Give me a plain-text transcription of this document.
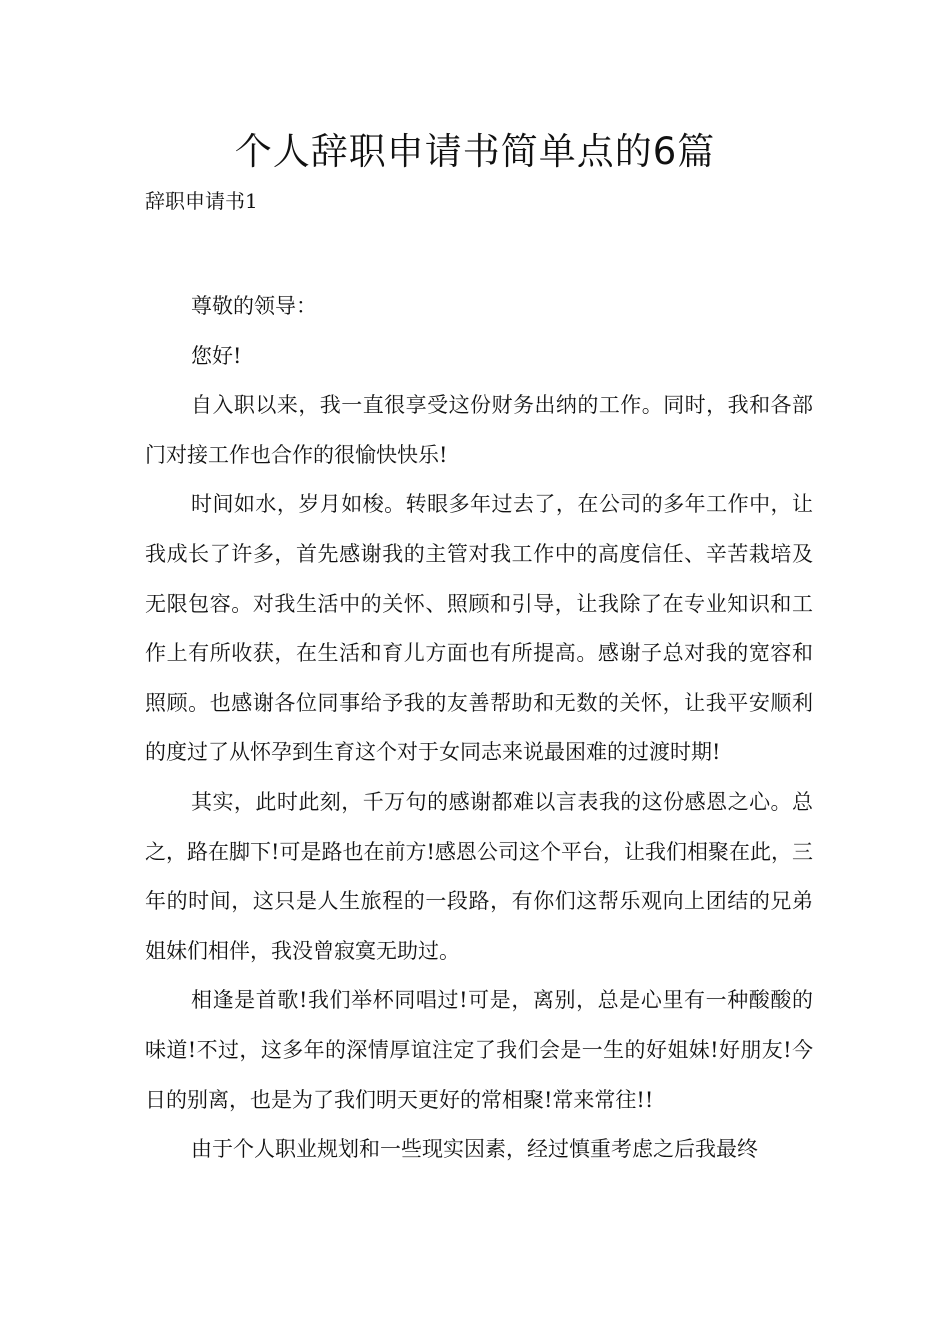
个人辞职申请书简单点的6篇

辞职申请书1

尊敬的领导：

您好!

自入职以来，我一直很享受这份财务出纳的工作。同时，我和各部门对接工作也合作的很愉快快乐!

时间如水，岁月如梭。转眼多年过去了，在公司的多年工作中，让我成长了许多，首先感谢我的主管对我工作中的高度信任、辛苦栽培及无限包容。对我生活中的关怀、照顾和引导，让我除了在专业知识和工作上有所收获，在生活和育儿方面也有所提高。感谢子总对我的宽容和照顾。也感谢各位同事给予我的友善帮助和无数的关怀，让我平安顺利的度过了从怀孕到生育这个对于女同志来说最困难的过渡时期!

其实，此时此刻，千万句的感谢都难以言表我的这份感恩之心。总之，路在脚下!可是路也在前方!感恩公司这个平台，让我们相聚在此，三年的时间，这只是人生旅程的一段路，有你们这帮乐观向上团结的兄弟姐妹们相伴，我没曾寂寞无助过。

相逢是首歌!我们举杯同唱过!可是，离别，总是心里有一种酸酸的味道!不过，这多年的深情厚谊注定了我们会是一生的好姐妹!好朋友!今日的别离，也是为了我们明天更好的常相聚!常来常往!!

由于个人职业规划和一些现实因素，经过慎重考虑之后我最终
